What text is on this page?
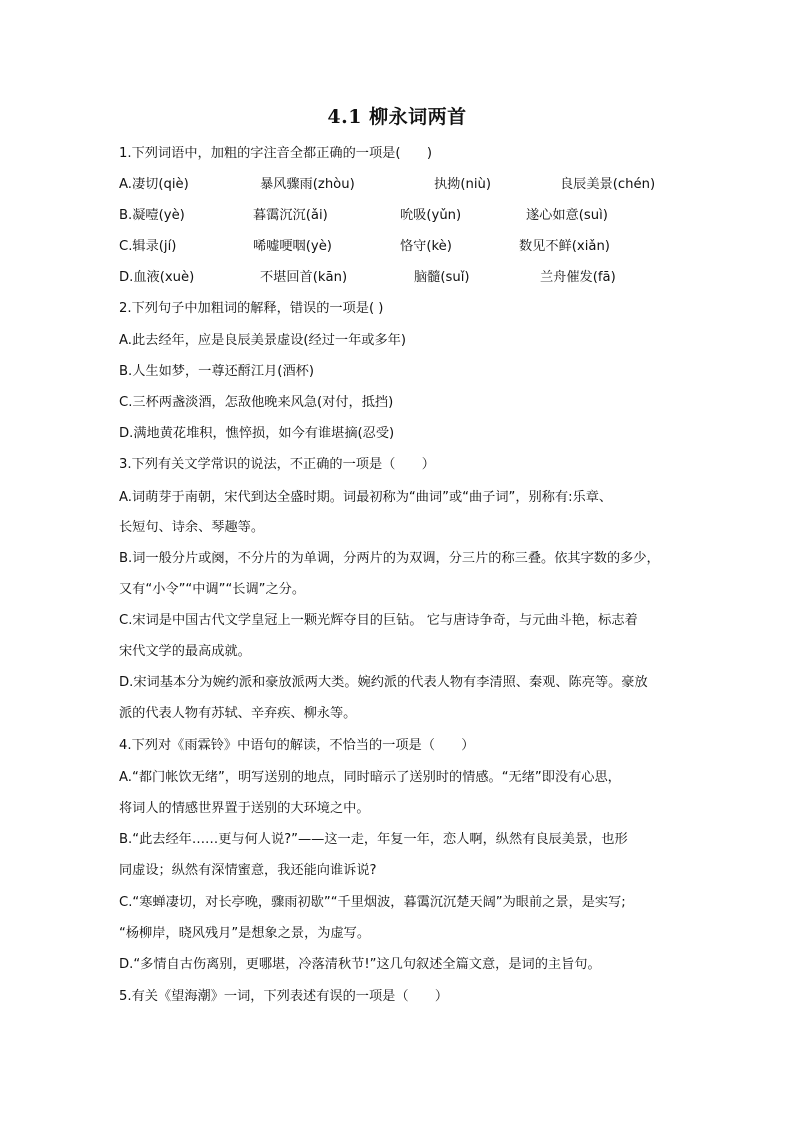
4.1 柳永词两首
1.下列词语中，加粗的字注音全都正确的一项是(　　)
A.凄切(qiè)	暴风骤雨(zhòu)	执拗(niù)	良辰美景(chén)
B.凝噎(yè)	暮霭沉沉(ǎi)	吮吸(yǔn)	遂心如意(suì)
C.辑录(jí)	唏嘘哽咽(yè)	恪守(kè)	数见不鲜(xiǎn)
D.血液(xuè)	不堪回首(kān)	脑髓(suǐ)	兰舟催发(fā)
2.下列句子中加粗词的解释，错误的一项是( )
A.此去经年，应是良辰美景虚设(经过一年或多年)
B.人生如梦，一尊还酹江月(酒杯)
C.三杯两盏淡酒，怎敌他晚来风急(对付，抵挡)
D.满地黄花堆积，憔悴损，如今有谁堪摘(忍受)
3.下列有关文学常识的说法，不正确的一项是（　　）
A.词萌芽于南朝，宋代到达全盛时期。词最初称为“曲词”或“曲子词”，别称有:乐章、
长短句、诗余、琴趣等。
B.词一般分片或阕，不分片的为单调，分两片的为双调，分三片的称三叠。依其字数的多少，
又有“小令”“中调”“长调”之分。
C.宋词是中国古代文学皇冠上一颗光辉夺目的巨钻。 它与唐诗争奇，与元曲斗艳，标志着
宋代文学的最高成就。
D.宋词基本分为婉约派和豪放派两大类。婉约派的代表人物有李清照、秦观、陈亮等。豪放
派的代表人物有苏轼、辛弃疾、柳永等。
4.下列对《雨霖铃》中语句的解读，不恰当的一项是（　　）
A.“都门帐饮无绪”，明写送别的地点，同时暗示了送别时的情感。“无绪”即没有心思，
将词人的情感世界置于送别的大环境之中。
B.“此去经年……更与何人说?”——这一走，年复一年，恋人啊，纵然有良辰美景，也形
同虚设；纵然有深情蜜意，我还能向谁诉说?
C.“寒蝉凄切，对长亭晚，骤雨初歇”“千里烟波，暮霭沉沉楚天阔”为眼前之景，是实写;
“杨柳岸，晓风残月”是想象之景，为虚写。
D.“多情自古伤离别，更哪堪，冷落清秋节!”这几句叙述全篇文意，是词的主旨句。
5.有关《望海潮》一词，下列表述有误的一项是（　　）
